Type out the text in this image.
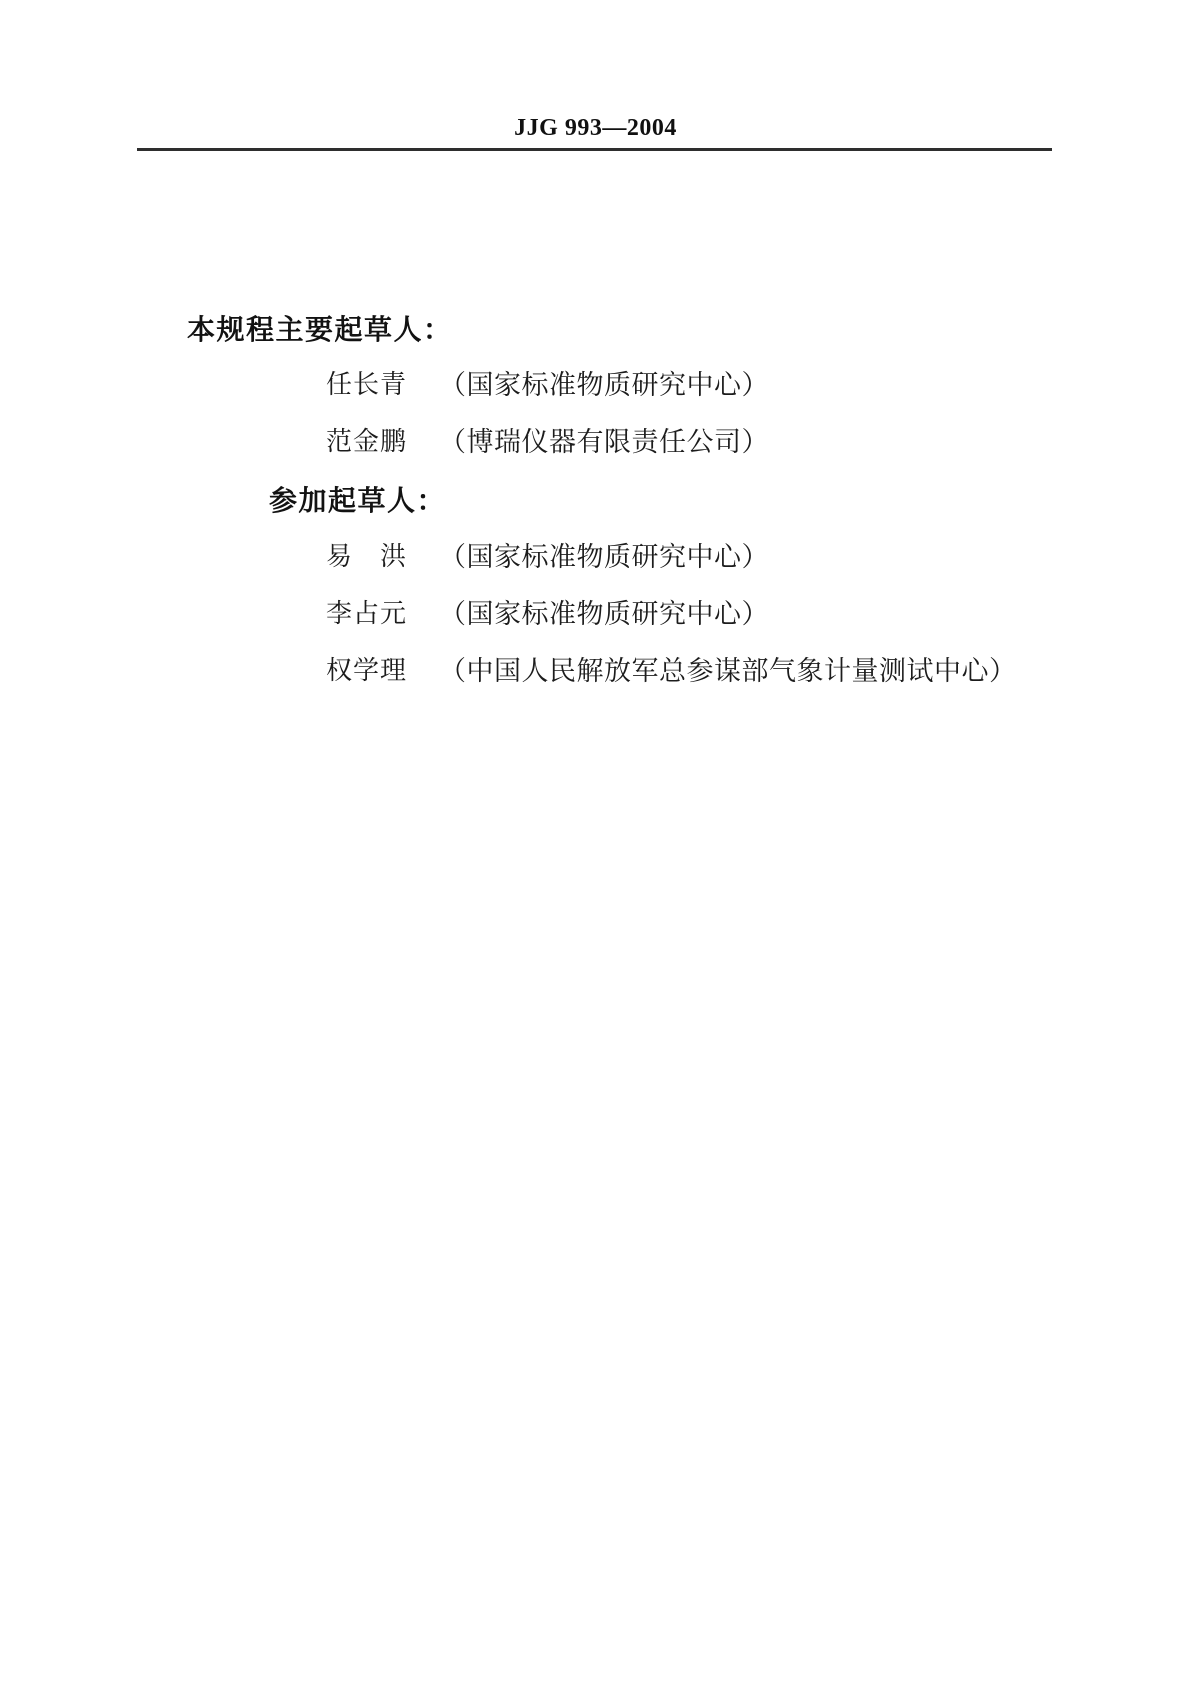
JJG 993—2004
本规程主要起草人：
任长青 （国家标准物质研究中心）
范金鹏 （博瑞仪器有限责任公司）
参加起草人：
易　洪 （国家标准物质研究中心）
李占元 （国家标准物质研究中心）
权学理 （中国人民解放军总参谋部气象计量测试中心）
